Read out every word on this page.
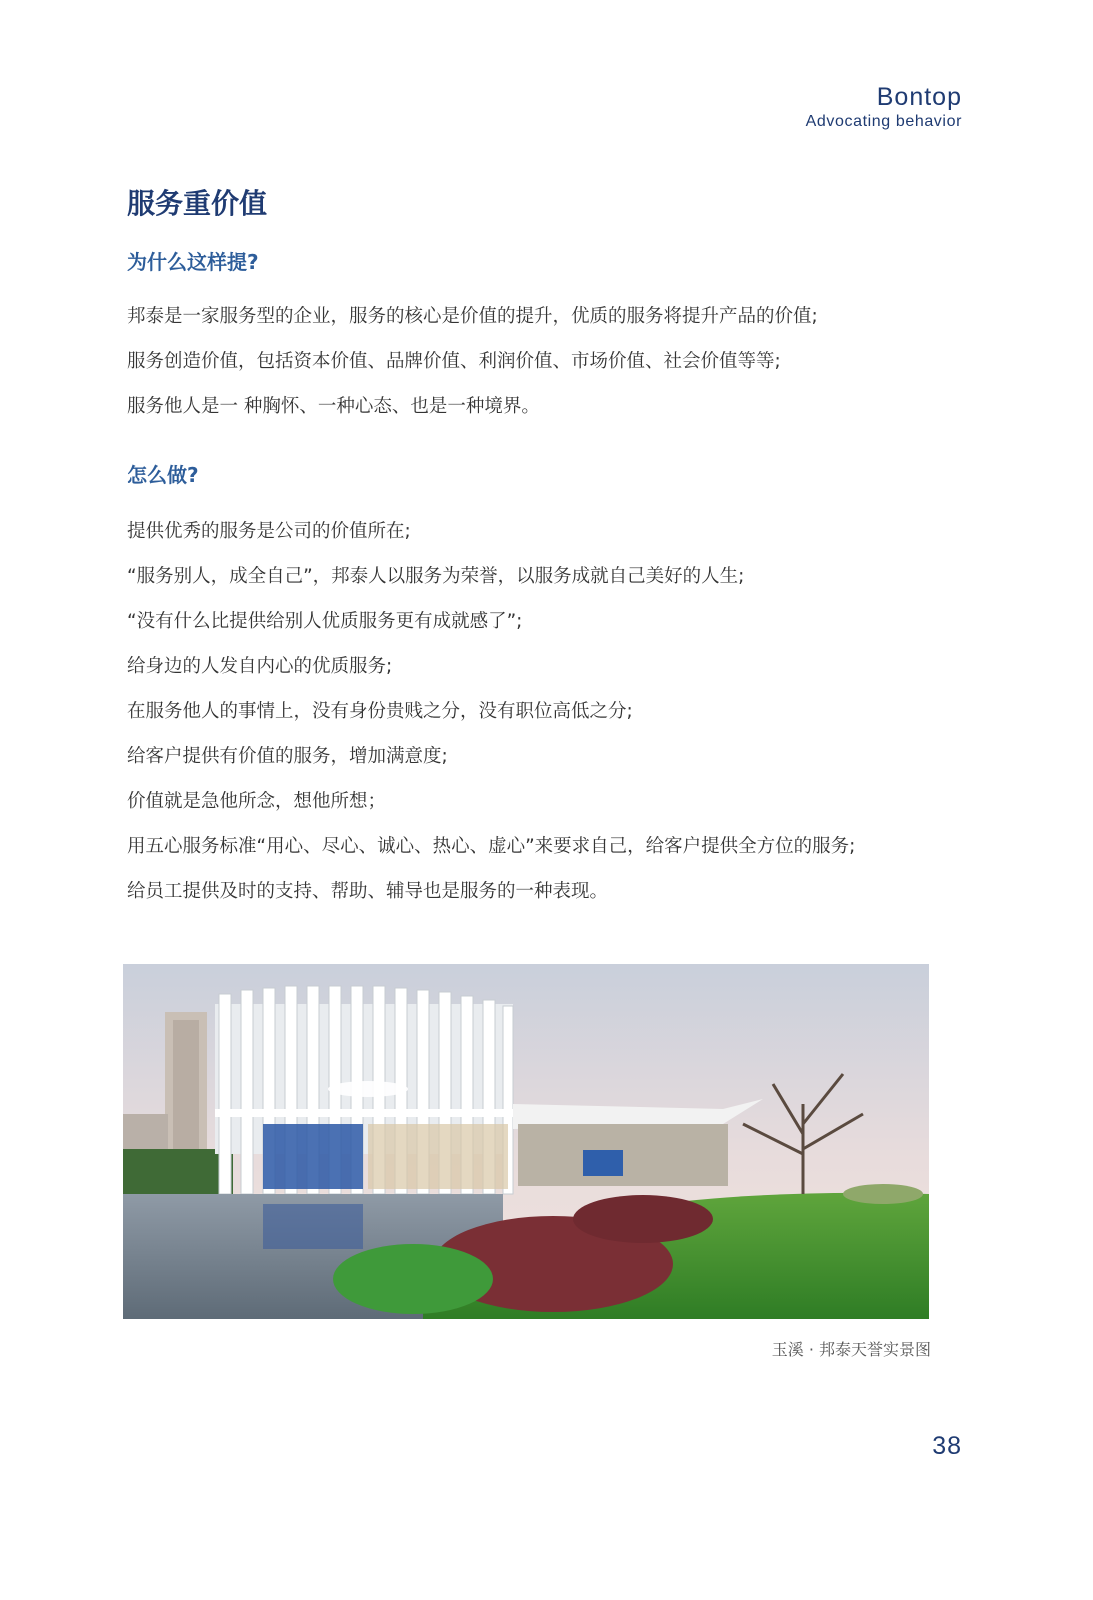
Bontop
Advocating behavior
服务重价值
为什么这样提?
邦泰是一家服务型的企业，服务的核心是价值的提升，优质的服务将提升产品的价值;
服务创造价值，包括资本价值、品牌价值、利润价值、市场价值、社会价值等等;
服务他人是一 种胸怀、一种心态、也是一种境界。
怎么做?
提供优秀的服务是公司的价值所在;
“服务别人，成全自己”，邦泰人以服务为荣誉，以服务成就自己美好的人生;
“没有什么比提供给别人优质服务更有成就感了”;
给身边的人发自内心的优质服务;
在服务他人的事情上，没有身份贵贱之分，没有职位高低之分;
给客户提供有价值的服务，增加满意度;
价值就是急他所念，想他所想；
用五心服务标准“用心、尽心、诚心、热心、虚心”来要求自己，给客户提供全方位的服务;
给员工提供及时的支持、帮助、辅导也是服务的一种表现。
玉溪 · 邦泰天誉实景图
38
